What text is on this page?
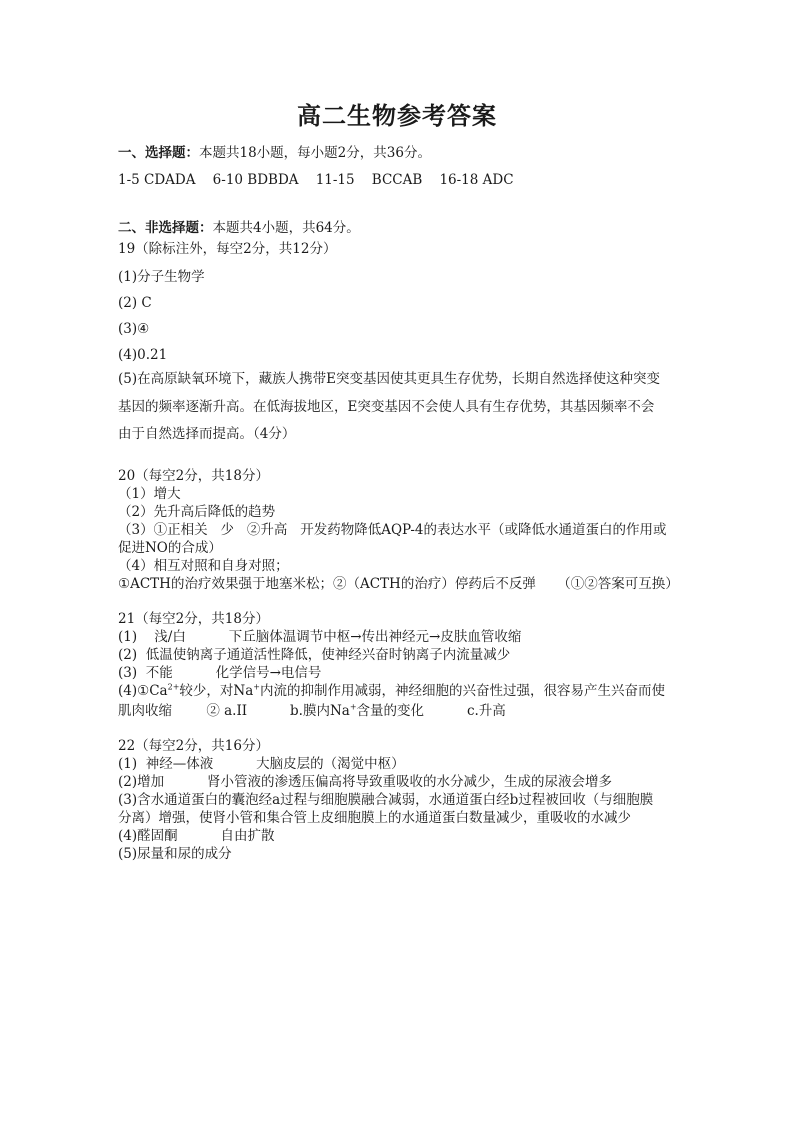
高二生物参考答案
一、选择题：本题共18小题，每小题2分，共36分。
1-5 CDADA    6-10 BDBDA    11-15    BCCAB    16-18 ADC
二、非选择题：本题共4小题，共64分。
19（除标注外，每空2分，共12分）
(1)分子生物学
(2) C
(3)④
(4)0.21
(5)在高原缺氧环境下，藏族人携带E突变基因使其更具生存优势，长期自然选择使这种突变
基因的频率逐渐升高。在低海拔地区，E突变基因不会使人具有生存优势，其基因频率不会
由于自然选择而提高。（4分）
20（每空2分，共18分）
（1）增大
（2）先升高后降低的趋势
（3）①正相关   少   ②升高   开发药物降低AQP-4的表达水平（或降低水通道蛋白的作用或
促进NO的合成）
（4）相互对照和自身对照；
①ACTH的治疗效果强于地塞米松；②（ACTH的治疗）停药后不反弹     （①②答案可互换）
21（每空2分，共18分）
(1)    浅/白          下丘脑体温调节中枢→传出神经元→皮肤血管收缩
(2)  低温使钠离子通道活性降低，使神经兴奋时钠离子内流量减少
(3)  不能          化学信号→电信号
$(4)①Ca^{2+}$较少，对Na+内流的抑制作用减弱，神经细胞的兴奋性过强，很容易产生兴奋而使
肌肉收缩        ② a.II          b.膜内Na+含量的变化          c.升高
22（每空2分，共16分）
(1)  神经—体液          大脑皮层的（渴觉中枢）
(2)增加          肾小管液的渗透压偏高将导致重吸收的水分减少，生成的尿液会增多
(3)含水通道蛋白的囊泡经a过程与细胞膜融合减弱，水通道蛋白经b过程被回收（与细胞膜
分离）增强，使肾小管和集合管上皮细胞膜上的水通道蛋白数量减少，重吸收的水减少
(4)醛固酮          自由扩散
(5)尿量和尿的成分
